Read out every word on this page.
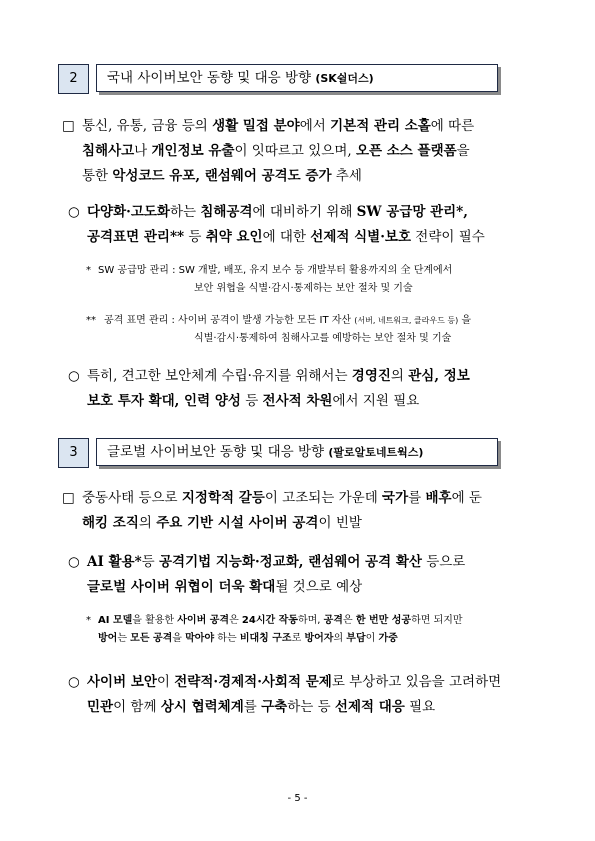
2	국내 사이버보안 동향 및 대응 방향 (SK쉴더스)
□ 통신, 유통, 금융 등의 생활 밀접 분야에서 기본적 관리 소홀에 따른
침해사고나 개인정보 유출이 잇따르고 있으며, 오픈 소스 플랫폼을
통한 악성코드 유포, 랜섬웨어 공격도 증가 추세
○ 다양화·고도화하는 침해공격에 대비하기 위해 SW 공급망 관리*,
공격표면 관리** 등 취약 요인에 대한 선제적 식별·보호 전략이 필수
* SW 공급망 관리 : SW 개발, 배포, 유지 보수 등 개발부터 활용까지의 全 단계에서
보안 위협을 식별·감시·통제하는 보안 절차 및 기술
** 공격 표면 관리 : 사이버 공격이 발생 가능한 모든 IT 자산 (서버, 네트워크, 클라우드 등) 을
식별·감시·통제하여 침해사고를 예방하는 보안 절차 및 기술
○ 특히, 견고한 보안체계 수립·유지를 위해서는 경영진의 관심, 정보
보호 투자 확대, 인력 양성 등 전사적 차원에서 지원 필요
3	글로벌 사이버보안 동향 및 대응 방향 (팔로알토네트웍스)
□ 중동사태 등으로 지정학적 갈등이 고조되는 가운데 국가를 배후에 둔
해킹 조직의 주요 기반 시설 사이버 공격이 빈발
○ AI 활용*등 공격기법 지능화·정교화, 랜섬웨어 공격 확산 등으로
글로벌 사이버 위협이 더욱 확대될 것으로 예상
* AI 모델을 활용한 사이버 공격은 24시간 작동하며, 공격은 한 번만 성공하면 되지만
방어는 모든 공격을 막아야 하는 비대칭 구조로 방어자의 부담이 가중
○ 사이버 보안이 전략적·경제적·사회적 문제로 부상하고 있음을 고려하면
민관이 함께 상시 협력체계를 구축하는 등 선제적 대응 필요
- 5 -
